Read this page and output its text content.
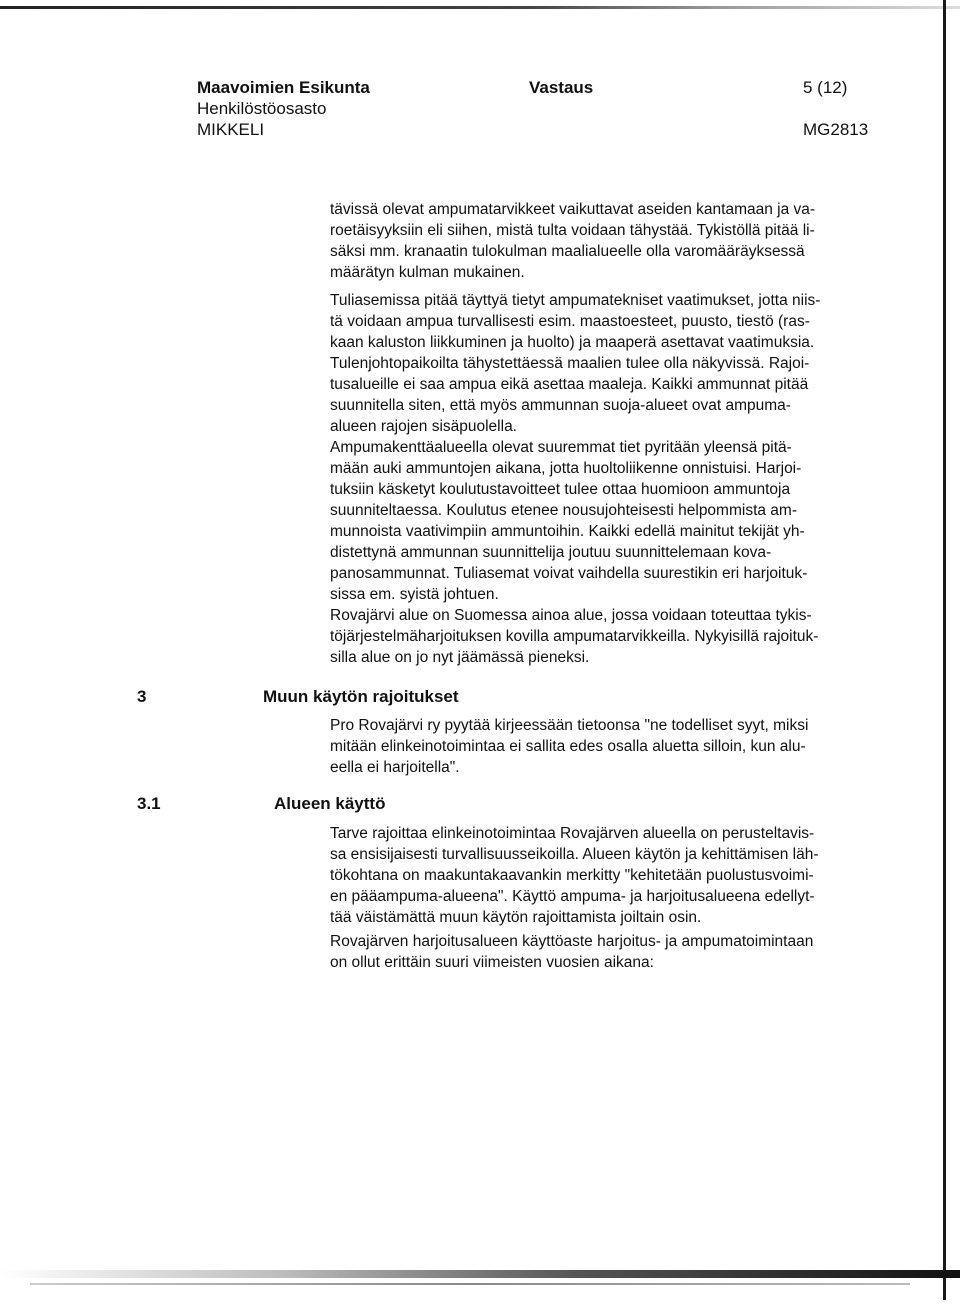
Maavoimien Esikunta
Henkilöstöosasto
MIKKELI
Vastaus	5 (12)
MG2813

tävissä olevat ampumatarvikkeet vaikuttavat aseiden kantamaan ja va-

roetäisyyksiin eli siihen, mistä tulta voidaan tähystää. Tykistöllä pitää li-

säksi mm. kranaatin tulokulman maalialueelle olla varomääräyksessä

määrätyn kulman mukainen.

Tuliasemissa pitää täyttyä tietyt ampumatekniset vaatimukset, jotta niis-

tä voidaan ampua turvallisesti esim. maastoesteet, puusto, tiestö (ras-

kaan kaluston liikkuminen ja huolto) ja maaperä asettavat vaatimuksia.

Tulenjohtopaikoilta tähystettäessä maalien tulee olla näkyvissä. Rajoi-

tusalueille ei saa ampua eikä asettaa maaleja. Kaikki ammunnat pitää

suunnitella siten, että myös ammunnan suoja-alueet ovat ampuma-

alueen rajojen sisäpuolella.

Ampumakenttäalueella olevat suuremmat tiet pyritään yleensä pitä-

mään auki ammuntojen aikana, jotta huoltoliikenne onnistuisi. Harjoi-

tuksiin käsketyt koulutustavoitteet tulee ottaa huomioon ammuntoja

suunniteltaessa. Koulutus etenee nousujohteisesti helpommista am-

munnoista vaativimpiin ammuntoihin. Kaikki edellä mainitut tekijät yh-

distettynä ammunnan suunnittelija joutuu suunnittelemaan kova-

panosammunnat. Tuliasemat voivat vaihdella suurestikin eri harjoituk-

sissa em. syistä johtuen.

Rovajärvi alue on Suomessa ainoa alue, jossa voidaan toteuttaa tykis-

töjärjestelmäharjoituksen kovilla ampumatarvikkeilla. Nykyisillä rajoituk-

silla alue on jo nyt jäämässä pieneksi.

3	Muun käytön rajoitukset

Pro Rovajärvi ry pyytää kirjeessään tietoonsa "ne todelliset syyt, miksi

mitään elinkeinotoimintaa ei sallita edes osalla aluetta silloin, kun alu-

eella ei harjoitella".

3.1	Alueen käyttö

Tarve rajoittaa elinkeinotoimintaa Rovajärven alueella on perusteltavis-

sa ensisijaisesti turvallisuusseikoilla. Alueen käytön ja kehittämisen läh-

tökohtana on maakuntakaavankin merkitty "kehitetään puolustusvoimi-

en pääampuma-alueena". Käyttö ampuma- ja harjoitusalueena edellyt-

tää väistämättä muun käytön rajoittamista joiltain osin.

Rovajärven harjoitusalueen käyttöaste harjoitus- ja ampumatoimintaan

on ollut erittäin suuri viimeisten vuosien aikana:
